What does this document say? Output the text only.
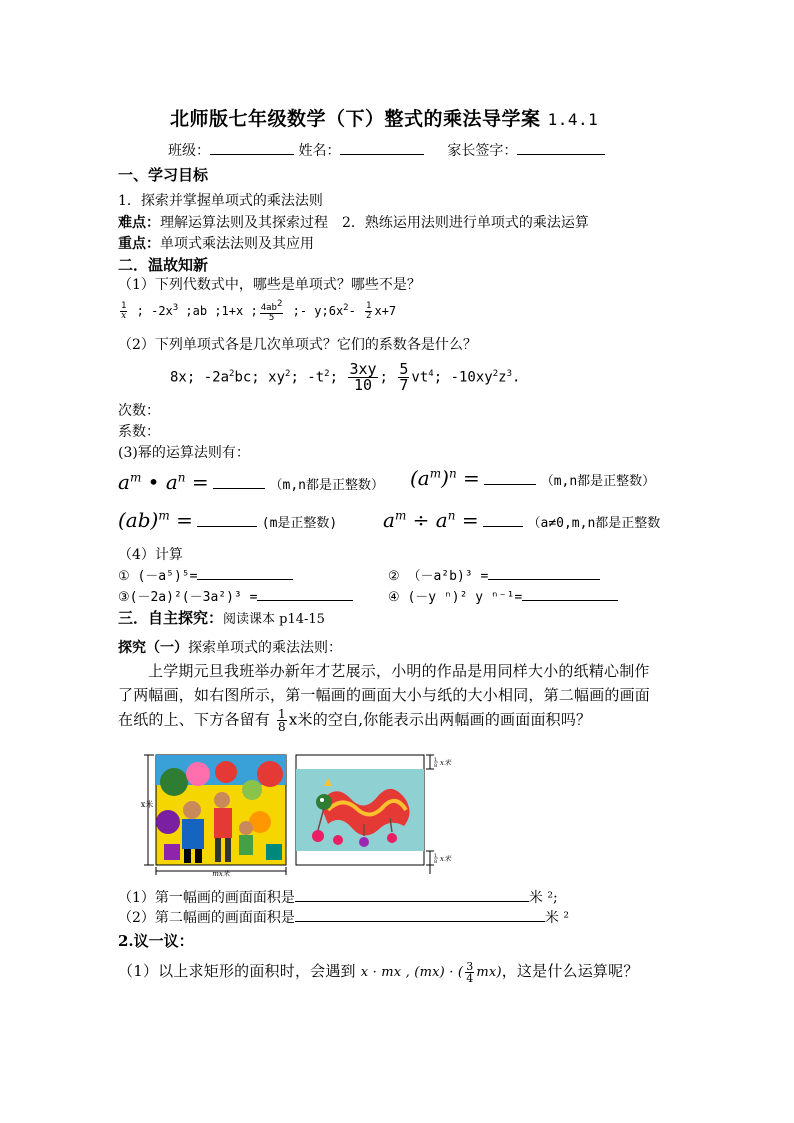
北师版七年级数学（下）整式的乘法导学案 1.4.1
班级：	姓名：	家长签字：
一、学习目标
1．探索并掌握单项式的乘法法则
难点：理解运算法则及其探索过程　2．熟练运用法则进行单项式的乘法运算
重点：单项式乘法法则及其应用
二．温故知新
（1）下列代数式中，哪些是单项式？哪些不是？
$\frac{1}{x}$ ; $-2x^3$ ;ab ;1+x ; $\frac{4ab^2}{5}$ ;- $y;6x^2- \frac{1}{2} x+7$
（2）下列单项式各是几次单项式？它们的系数各是什么？
8x; $-2a^2bc$; $xy^2$; $-t^2$; $\frac{3xy}{10}$ ; $\frac{5}{7} vt^4$; $-10xy^2z^3$.
次数：
系数：
(3)幂的运算法则有：
$a^m$ • $a^n$ =	（m,n都是正整数） $(a^m)^n$ =	（m,n都是正整数）
(ab)$^m$ =	(m是正整数) $a^m \div a^n$ =	（a≠0,m,n都是正整数
（4）计算
① (－a⁵)⁵=	② （－a²b)³ =
③(－2a)²(－3a²)³ =	④ (－y ⁿ)² y ⁿ⁻¹=
三．自主探究：阅读课本 p14-15
探究（一）探索单项式的乘法法则：
上学期元旦我班举办新年才艺展示，小明的作品是用同样大小的纸精心制作
了两幅画，如右图所示，第一幅画的画面大小与纸的大小相同，第二幅画的画面
在纸的上、下方各留有 $\frac{1}{8}$ x米的空白,你能表示出两幅画的画面面积吗？
x米
mx米
1
8 x米
1
8 x米
（1）第一幅画的画面面积是	米 ²;
（2）第二幅画的画面面积是	米 ²
2.议一议：
（1）以上求矩形的面积时，会遇到 x · mx , (mx) · ( $\frac{3}{4} mx$)，这是什么运算呢？
